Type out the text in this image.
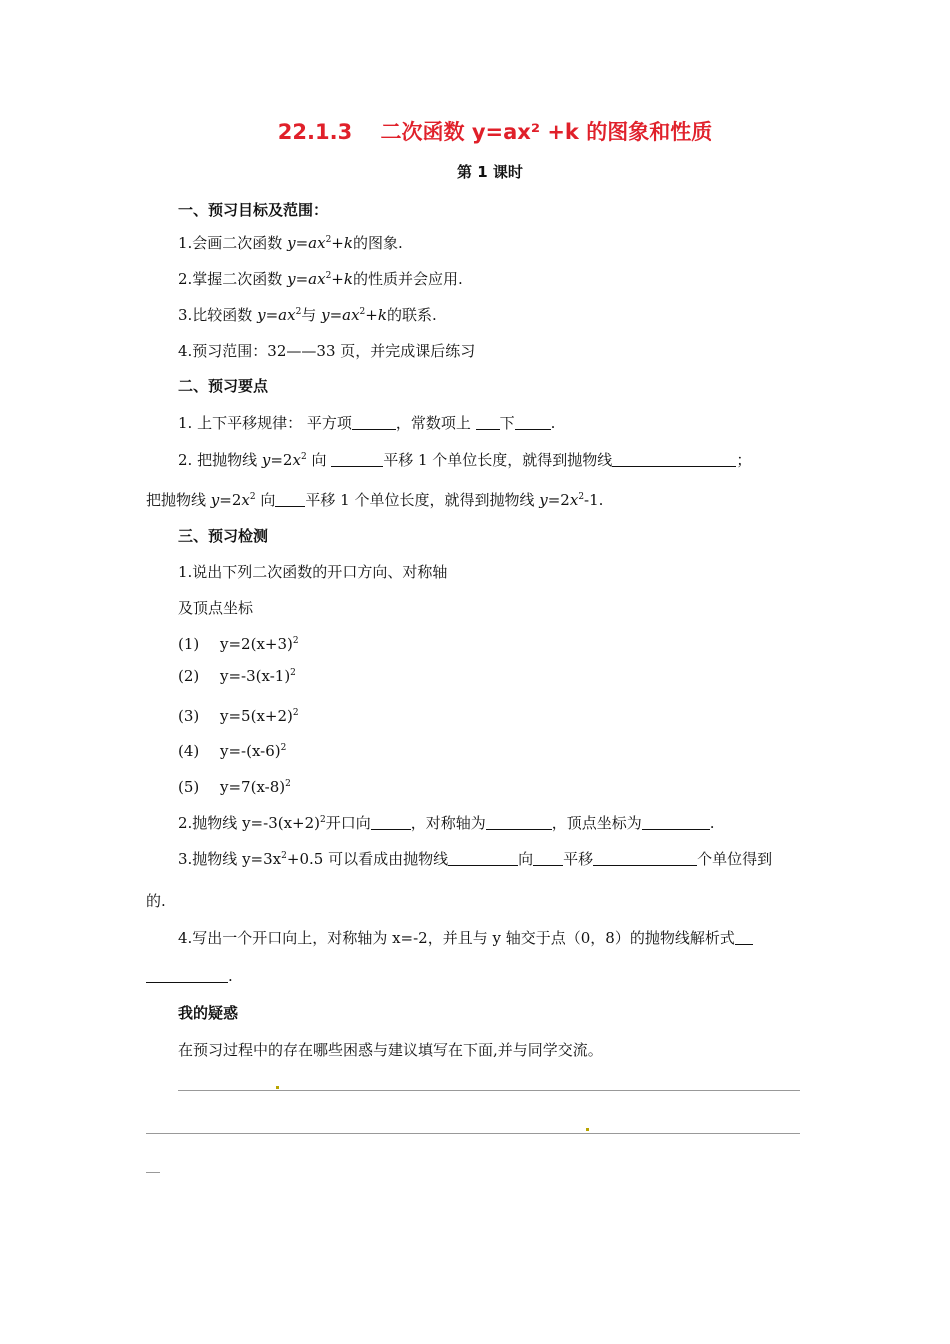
22.1.3　 二次函数 y=ax² +k 的图象和性质
第 1 课时
一、预习目标及范围：
1.会画二次函数 $y=ax^2+k$的图象.
2.掌握二次函数 $y=ax^2+k$的性质并会应用.
3.比较函数 $y=ax^2$与 $y=ax^2+k$的联系.
4.预习范围：32——33 页，并完成课后练习
二、预习要点
1. 上下平移规律： 平方项	，常数项上 下 .
2. 把抛物线 $y=2x^2$ 向	平移 1 个单位长度，就得到抛物线	；
把抛物线 $y=2x^2$ 向 平移 1 个单位长度，就得到抛物线 $y=2x^2-1$.
三、预习检测
1.说出下列二次函数的开口方向、对称轴
及顶点坐标
(1) $y=2(x+3)^2$
(2) $y=-3(x-1)^2$
(3) $y=5(x+2)^2$
(4) $y=-(x-6)^2$
(5) $y=7(x-8)^2$
2.抛物线 $y=-3(x+2)^2$开口向	，对称轴为	，顶点坐标为	.
3.抛物线 $y=3x^2+0.5$ 可以看成由抛物线	向 平移	个单位得到
的.
4.写出一个开口向上，对称轴为 x=-2，并且与 y 轴交于点（0，8）的抛物线解析式
.
我的疑惑
在预习过程中的存在哪些困惑与建议填写在下面,并与同学交流。
